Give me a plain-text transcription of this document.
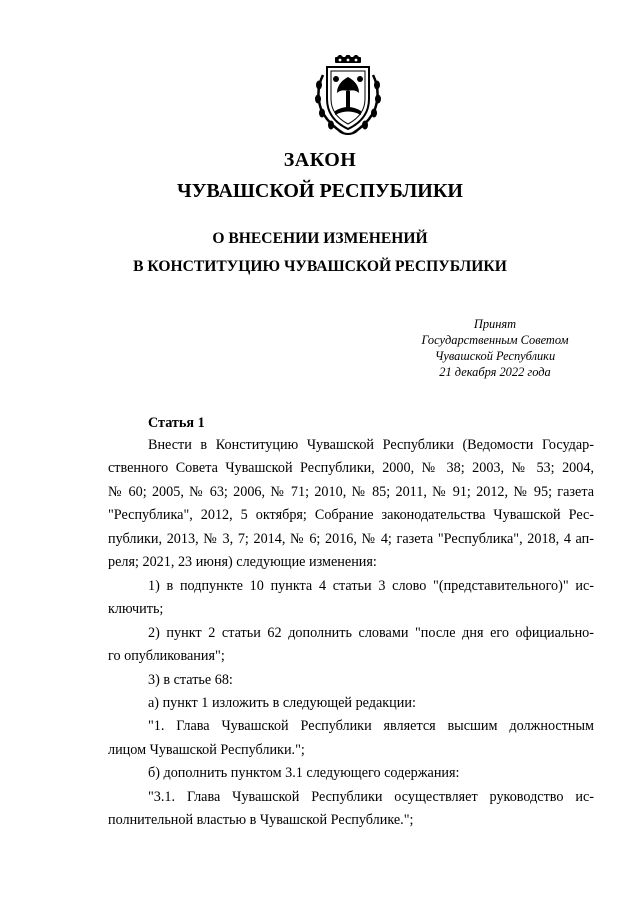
ЗАКОН
ЧУВАШСКОЙ РЕСПУБЛИКИ
О ВНЕСЕНИИ ИЗМЕНЕНИЙ
В КОНСТИТУЦИЮ ЧУВАШСКОЙ РЕСПУБЛИКИ
Принят
Государственным Советом
Чувашской Республики
21 декабря 2022 года
Статья 1
Внести в Конституцию Чувашской Республики (Ведомости Государ-
ственного Совета Чувашской Республики, 2000, № 38; 2003, № 53; 2004,
№ 60; 2005, № 63; 2006, № 71; 2010, № 85; 2011, № 91; 2012, № 95; газета
"Республика", 2012, 5 октября; Собрание законодательства Чувашской Рес-
публики, 2013, № 3, 7; 2014, № 6; 2016, № 4; газета "Республика", 2018, 4 ап-
реля; 2021, 23 июня) следующие изменения:
1) в подпункте 10 пункта 4 статьи 3 слово "(представительного)" ис-
ключить;
2) пункт 2 статьи 62 дополнить словами "после дня его официально-
го опубликования";
3) в статье 68:
а) пункт 1 изложить в следующей редакции:
"1. Глава Чувашской Республики является высшим должностным
лицом Чувашской Республики.";
б) дополнить пунктом 3.1 следующего содержания:
"3.1. Глава Чувашской Республики осуществляет руководство ис-
полнительной властью в Чувашской Республике.";
